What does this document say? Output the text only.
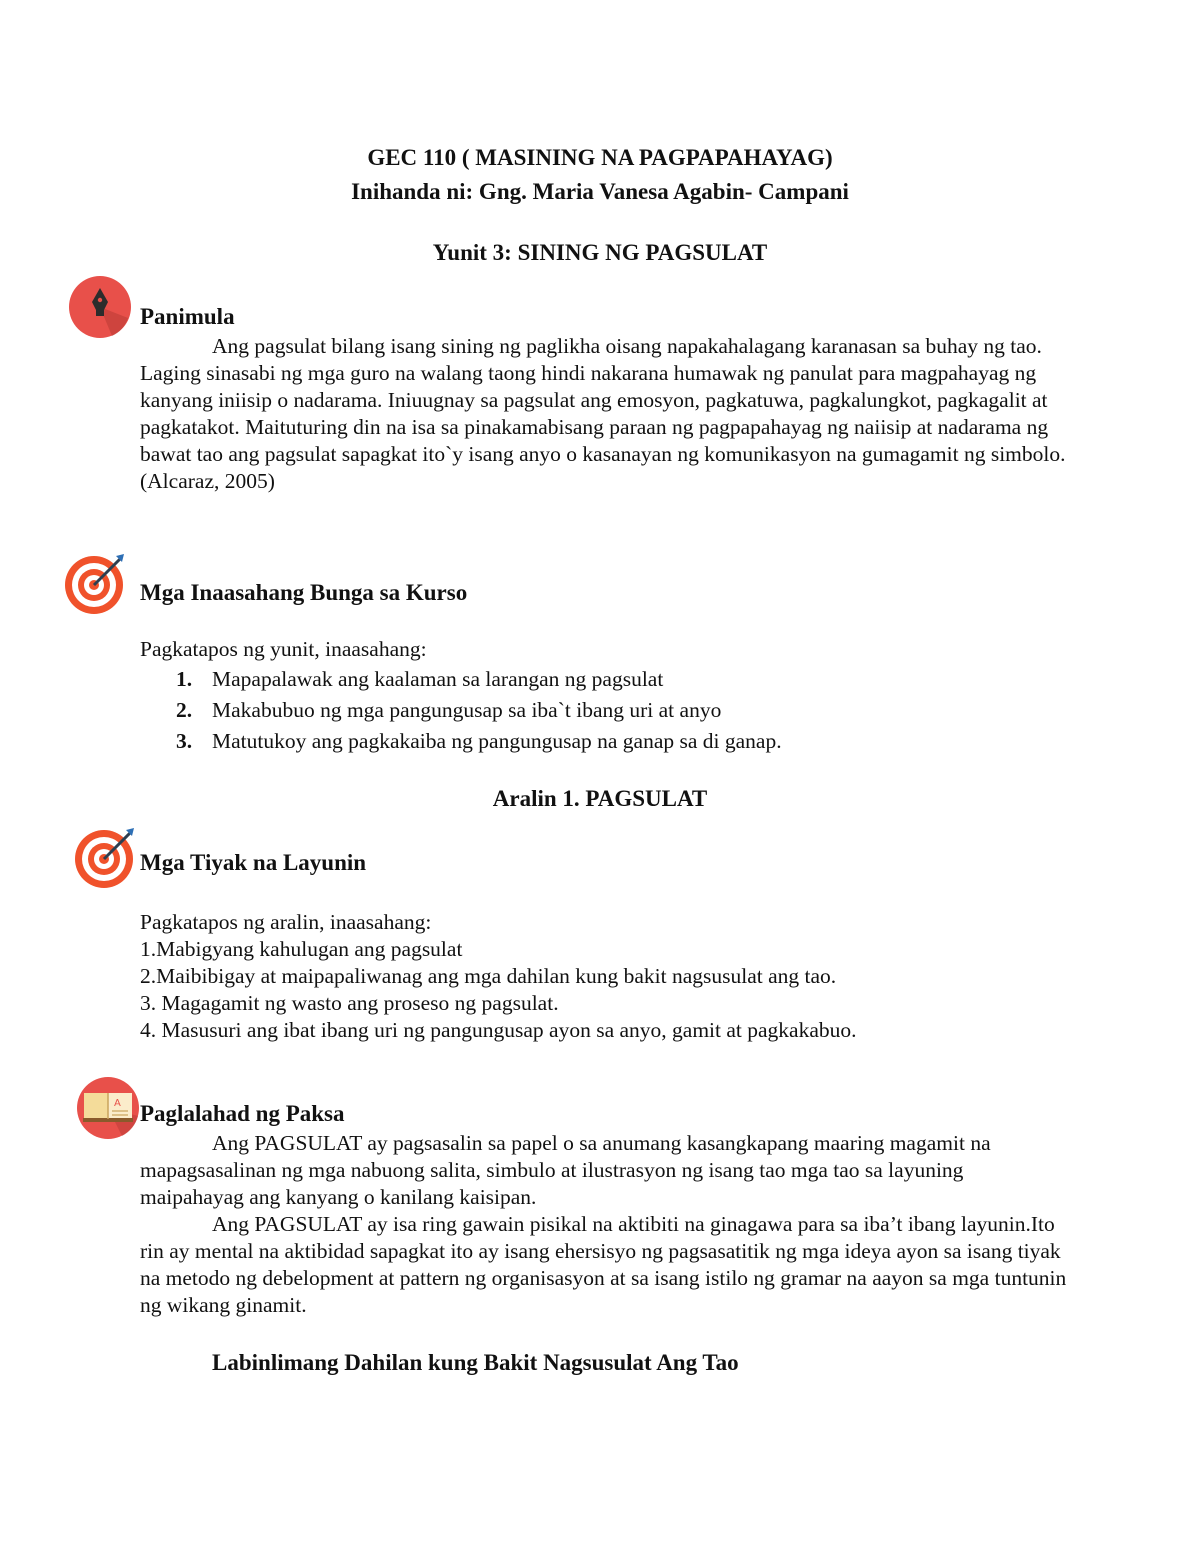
GEC 110 ( MASINING NA PAGPAPAHAYAG)
Inihanda ni: Gng. Maria Vanesa Agabin- Campani
Yunit 3: SINING NG PAGSULAT
Panimula

Ang pagsulat bilang isang sining ng paglikha oisang napakahalagang karanasan sa buhay ng tao. Laging sinasabi ng mga guro na walang taong hindi nakarana humawak ng panulat para magpahayag ng kanyang iniisip o nadarama. Iniuugnay sa pagsulat ang emosyon, pagkatuwa, pagkalungkot, pagkagalit at pagkatakot. Maituturing din na isa sa pinakamabisang paraan ng pagpapahayag ng naiisip at nadarama ng bawat tao ang pagsulat sapagkat ito`y isang anyo o kasanayan ng komunikasyon na gumagamit ng simbolo. (Alcaraz, 2005)

Mga Inaasahang Bunga sa Kurso
Pagkatapos ng yunit, inaasahang:
1. Mapapalawak ang kaalaman sa larangan ng pagsulat
2. Makabubuo ng mga pangungusap sa iba`t ibang uri at anyo
3. Matutukoy ang pagkakaiba ng pangungusap na ganap sa di ganap.
Aralin 1. PAGSULAT
Mga Tiyak na Layunin
Pagkatapos ng aralin, inaasahang:
1.Mabigyang kahulugan ang pagsulat
2.Maibibigay at maipapaliwanag ang mga dahilan kung bakit nagsusulat ang tao.
3. Magagamit ng wasto ang proseso ng pagsulat.
4. Masusuri ang ibat ibang uri ng pangungusap ayon sa anyo, gamit at pagkakabuo.
A Paglalahad ng Paksa

Ang PAGSULAT ay pagsasalin sa papel o sa anumang kasangkapang maaring magamit na mapagsasalinan ng mga nabuong salita, simbulo at ilustrasyon ng isang tao mga tao sa layuning maipahayag ang kanyang o kanilang kaisipan.

Ang PAGSULAT ay isa ring gawain pisikal na aktibiti na ginagawa para sa iba’t ibang layunin.Ito rin ay mental na aktibidad sapagkat ito ay isang ehersisyo ng pagsasatitik ng mga ideya ayon sa isang tiyak na metodo ng debelopment at pattern ng organisasyon at sa isang istilo ng gramar na aayon sa mga tuntunin ng wikang ginamit.

Labinlimang Dahilan kung Bakit Nagsusulat Ang Tao
